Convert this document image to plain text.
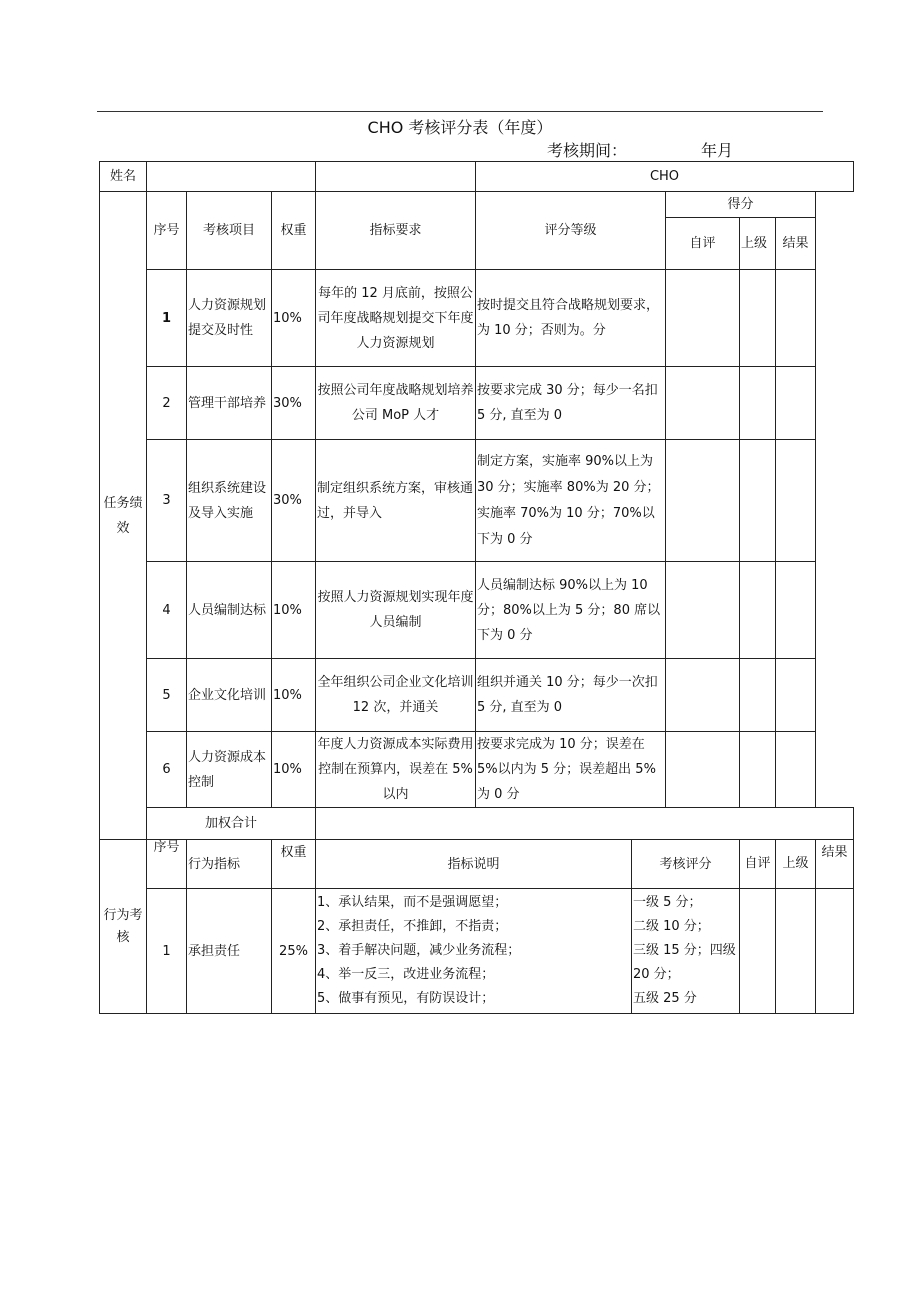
CHO 考核评分表（年度）
考核期间：	年月
姓名					CHO					
任务绩效	序号	考核项目	权重	指标要求	评分等级		得分			
							自评	上级	结果	
	1	人力资源规划提交及时性	10%	每年的 12 月底前，按照公司年度战略规划提交下年度人力资源规划	按时提交且符合战略规划要求，为 10 分；否则为。分					
	2	管理干部培养	30%	按照公司年度战略规划培养公司 MoP 人才	按要求完成 30 分；每少一名扣 5 分, 直至为 0					
	3	组织系统建设及导入实施	30%	制定组织系统方案，审核通过，并导入	制定方案，实施率 90%以上为 30 分；实施率 80%为 20 分；实施率 70%为 10 分；70%以下为 0 分					
	4	人员编制达标	10%	按照人力资源规划实现年度人员编制	人员编制达标 90%以上为 10 分；80%以上为 5 分；80 席以下为 0 分					
	5	企业文化培训	10%	全年组织公司企业文化培训 12 次，并通关	组织并通关 10 分；每少一次扣 5 分, 直至为 0					
	6	人力资源成本控制	10%	年度人力资源成本实际费用控制在预算内，误差在 5%以内	按要求完成为 10 分；误差在 5%以内为 5 分；误差超出 5%为 0 分					
	加权合计									
行为考核	序号	行为指标	权重	指标说明		考核评分		自评	上级	结果
	1	承担责任	25%	1、承认结果，而不是强调愿望；
2、承担责任，不推卸，不指责；
3、着手解决问题，减少业务流程；
4、举一反三，改进业务流程；
5、做事有预见，有防误设计；		一级 5 分；
二级 10 分；
三级 15 分；四级 20 分；
五级 25 分				
